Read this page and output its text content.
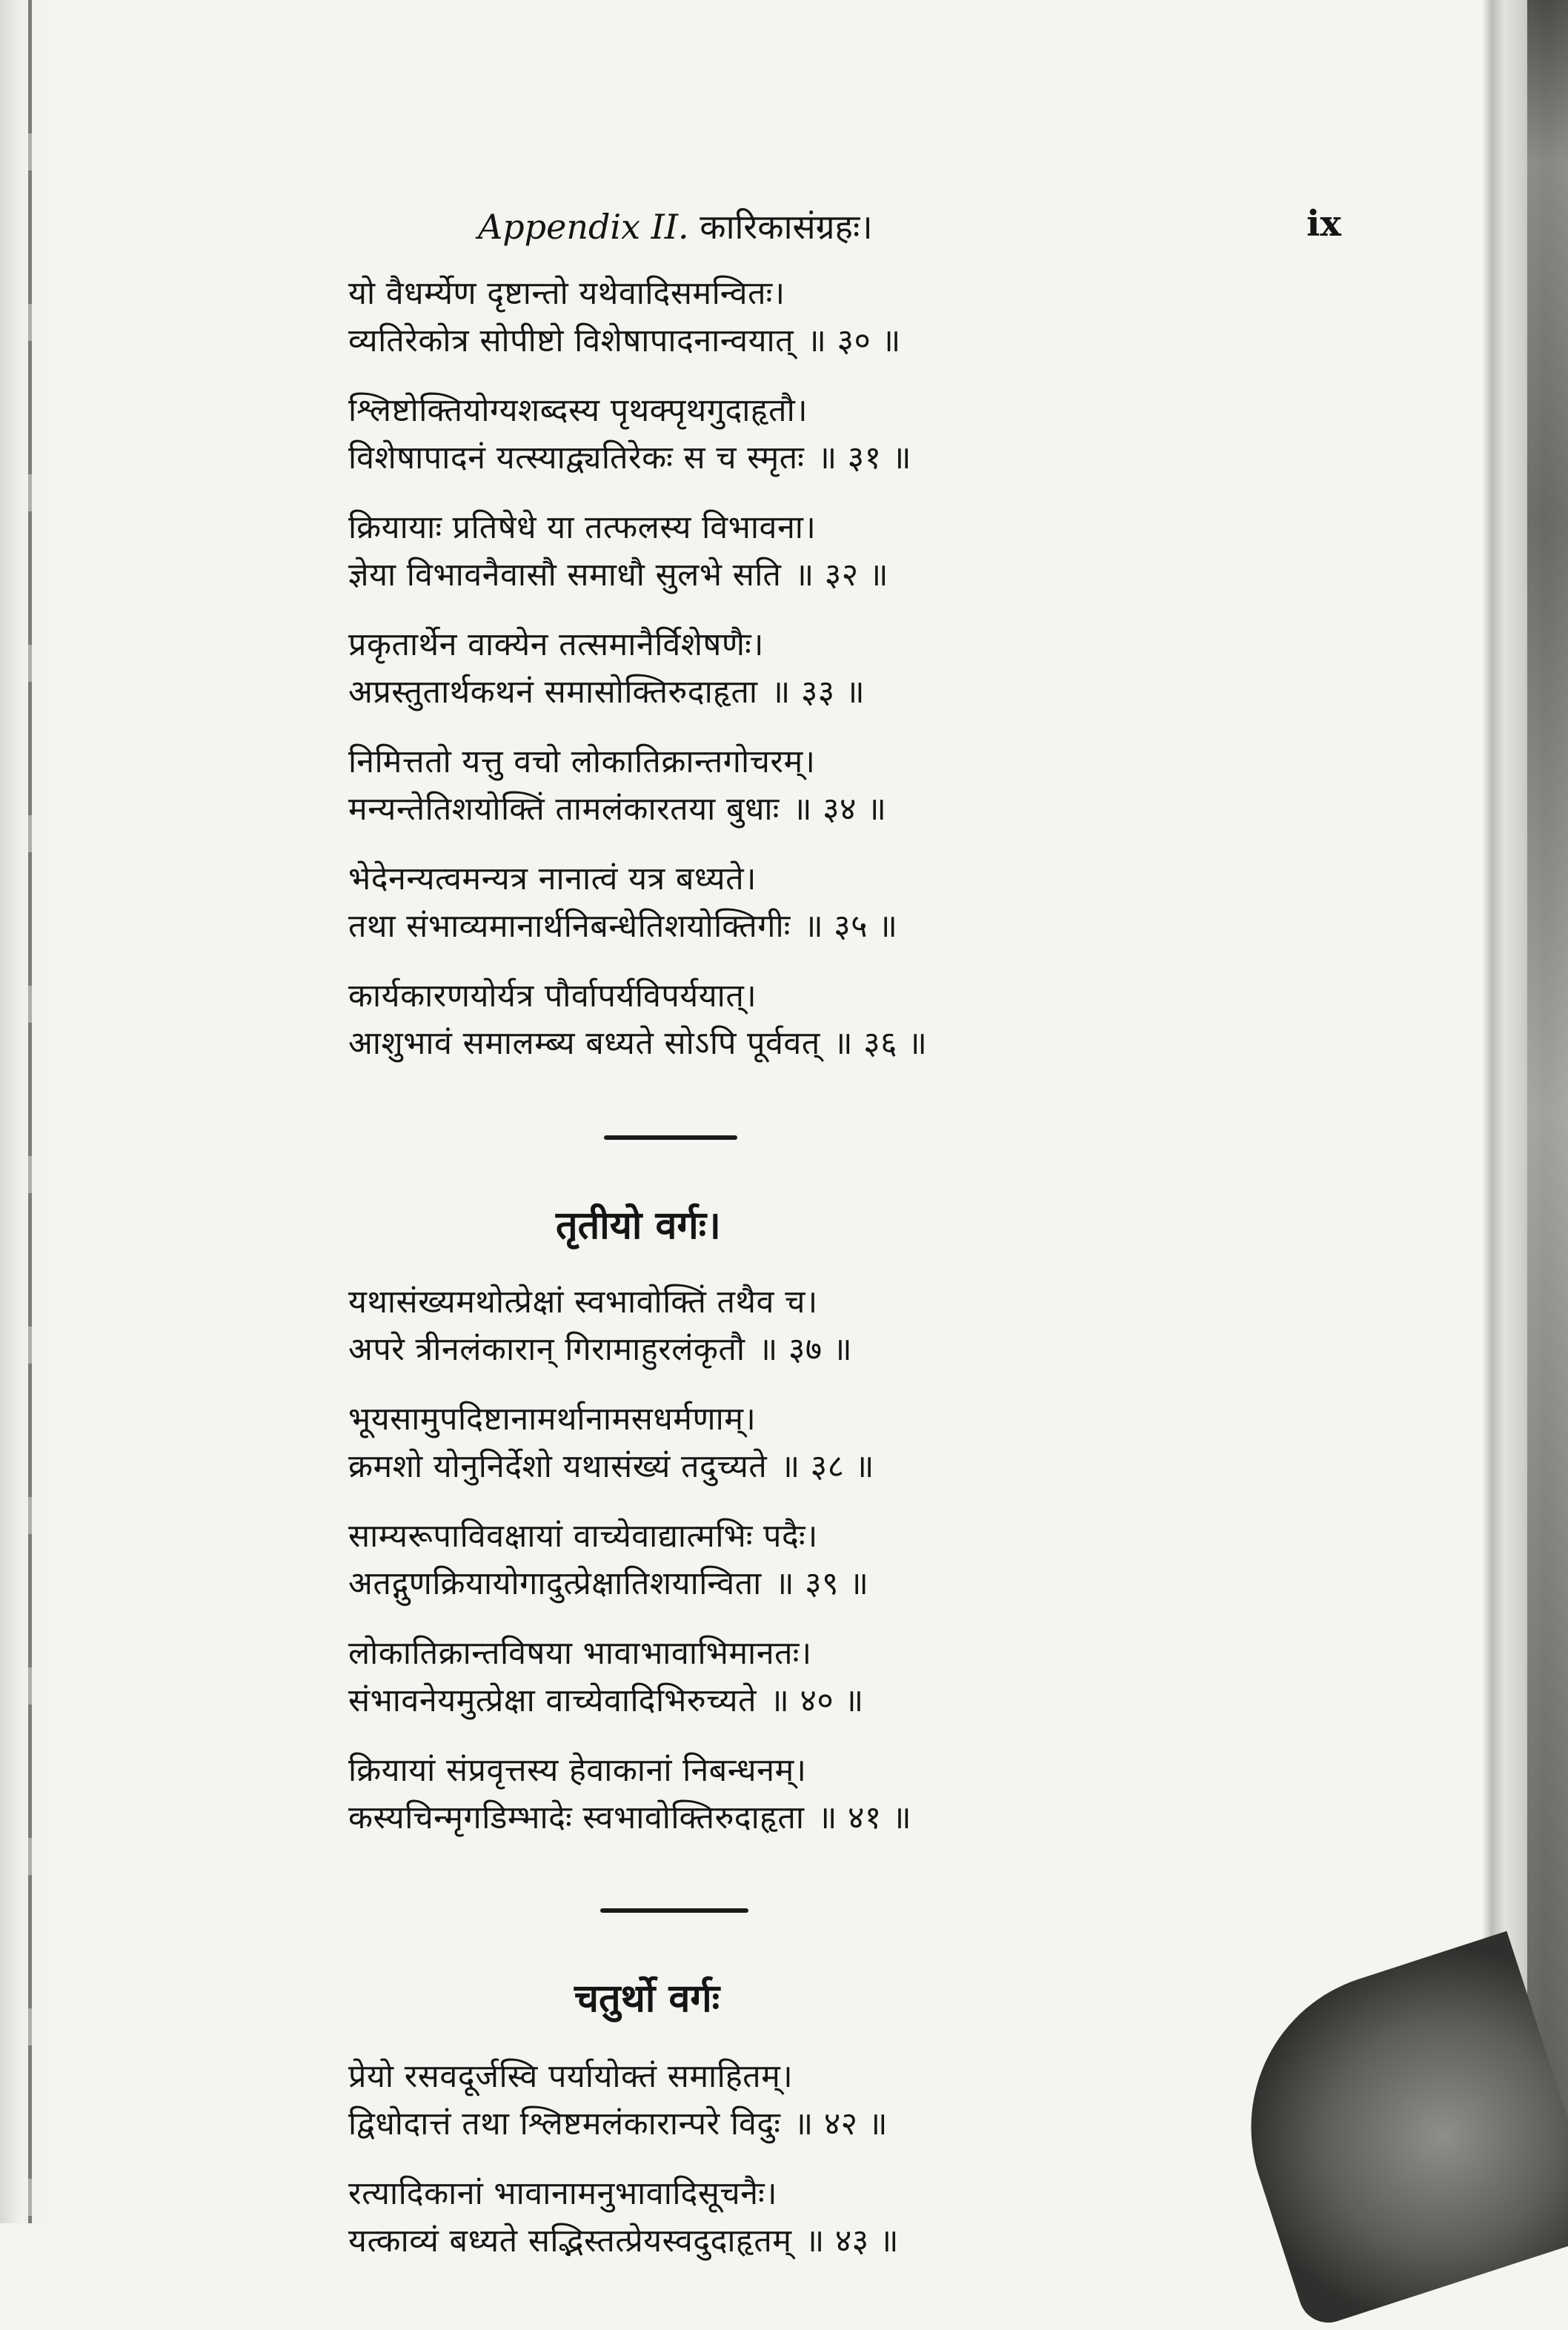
Appendix II. कारिकासंग्रहः।	ix
यो वैधर्म्येण दृष्टान्तो यथेवादिसमन्वितः।
व्यतिरेकोत्र सोपीष्टो विशेषापादनान्वयात् ॥ ३० ॥
श्लिष्टोक्तियोग्यशब्दस्य पृथक्पृथगुदाहृतौ।
विशेषापादनं यत्स्याद्व्यतिरेकः स च स्मृतः ॥ ३१ ॥
क्रियायाः प्रतिषेधे या तत्फलस्य विभावना।
ज्ञेया विभावनैवासौ समाधौ सुलभे सति ॥ ३२ ॥
प्रकृतार्थेन वाक्येन तत्समानैर्विशेषणैः।
अप्रस्तुतार्थकथनं समासोक्तिरुदाहृता ॥ ३३ ॥
निमित्ततो यत्तु वचो लोकातिक्रान्तगोचरम्।
मन्यन्तेतिशयोक्तिं तामलंकारतया बुधाः ॥ ३४ ॥
भेदेनन्यत्वमन्यत्र नानात्वं यत्र बध्यते।
तथा संभाव्यमानार्थनिबन्धेतिशयोक्तिगीः ॥ ३५ ॥
कार्यकारणयोर्यत्र पौर्वापर्यविपर्ययात्।
आशुभावं समालम्ब्य बध्यते सोऽपि पूर्ववत् ॥ ३६ ॥
तृतीयो वर्गः।
यथासंख्यमथोत्प्रेक्षां स्वभावोक्तिं तथैव च।
अपरे त्रीनलंकारान् गिरामाहुरलंकृतौ ॥ ३७ ॥
भूयसामुपदिष्टानामर्थानामसधर्मणाम्।
क्रमशो योनुनिर्देशो यथासंख्यं तदुच्यते ॥ ३८ ॥
साम्यरूपाविवक्षायां वाच्येवाद्यात्मभिः पदैः।
अतद्गुणक्रियायोगादुत्प्रेक्षातिशयान्विता ॥ ३९ ॥
लोकातिक्रान्तविषया भावाभावाभिमानतः।
संभावनेयमुत्प्रेक्षा वाच्येवादिभिरुच्यते ॥ ४० ॥
क्रियायां संप्रवृत्तस्य हेवाकानां निबन्धनम्।
कस्यचिन्मृगडिम्भादेः स्वभावोक्तिरुदाहृता ॥ ४१ ॥
चतुर्थो वर्गः
प्रेयो रसवदूर्जस्वि पर्यायोक्तं समाहितम्।
द्विधोदात्तं तथा श्लिष्टमलंकारान्परे विदुः ॥ ४२ ॥
रत्यादिकानां भावानामनुभावादिसूचनैः।
यत्काव्यं बध्यते सद्भिस्तत्प्रेयस्वदुदाहृतम् ॥ ४३ ॥
